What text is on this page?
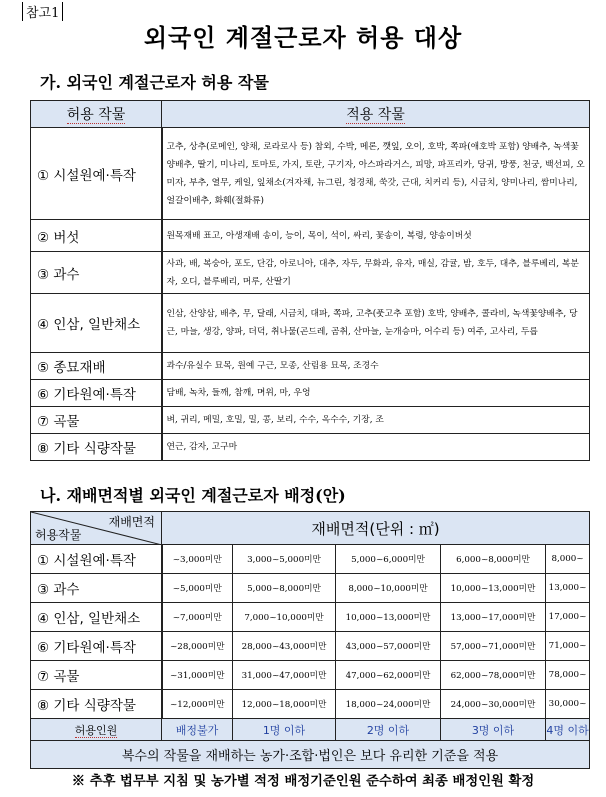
참고1
외국인 계절근로자 허용 대상
가. 외국인 계절근로자 허용 작물
허용 작물	적용 작물
① 시설원예·특작	고추, 상추(로메인, 양채, 로라로사 등) 참외, 수박, 메론, 깻잎, 오이, 호박, 쪽파(애호박 포함) 양배추, 녹색꽃양배추, 딸기, 미나리, 토마토, 가지, 토란, 구기자, 아스파라거스, 피망, 파프리카, 당귀, 방풍, 천궁, 백선피, 오미자, 부추, 열무, 케일, 잎채소(겨자채, 뉴그린, 청경채, 쑥갓, 근대, 치커리 등), 시금치, 양미나리, 쌈미나리, 얼갈이배추, 화훼(절화류)
② 버섯	원목재배 표고, 아생재배 송이, 능이, 목이, 석이, 싸리, 꽃송이, 복령, 양송이버섯
③ 과수	사과, 배, 복숭아, 포도, 단감, 아로니아, 대추, 자두, 무화과, 유자, 매실, 감귤, 밤, 호두, 대추, 블루베리, 복분자, 오디, 블루베리, 머루, 산딸기
④ 인삼, 일반채소	인삼, 산양삼, 배추, 무, 달래, 시금치, 대파, 쪽파, 고추(풋고추 포함) 호박, 양배추, 콜라비, 녹색꽃양배추, 당근, 마늘, 생강, 양파, 더덕, 취나물(곤드레, 곰취, 산마늘, 눈개승마, 어수리 등) 여주, 고사리, 두릅
⑤ 종묘재배	과수/유실수 묘목, 원예 구근, 모종, 산림용 묘목, 조경수
⑥ 기타원예·특작	담배, 녹차, 들깨, 참깨, 며위, 마, 우엉
⑦ 곡물	벼, 귀리, 메밀, 호밀, 밀, 콩, 보리, 수수, 옥수수, 기장, 조
⑧ 기타 식량작물	연근, 감자, 고구마
나. 재배면적별 외국인 계절근로자 배정(안)
재배면적
허용작물	재배면적(단위 : ㎡)				
① 시설원예·특작	~3,000미만	3,000~5,000미만	5,000~6,000미만	6,000~8,000미만	8,000~
③ 과수	~5,000미만	5,000~8,000미만	8,000~10,000미만	10,000~13,000미만	13,000~
④ 인삼, 일반채소	~7,000미만	7,000~10,000미만	10,000~13,000미만	13,000~17,000미만	17,000~
⑥ 기타원예·특작	~28,000미만	28,000~43,000미만	43,000~57,000미만	57,000~71,000미만	71,000~
⑦ 곡물	~31,000미만	31,000~47,000미만	47,000~62,000미만	62,000~78,000미만	78,000~
⑧ 기타 식량작물	~12,000미만	12,000~18,000미만	18,000~24,000미만	24,000~30,000미만	30,000~
허용인원	배정불가	1명 이하	2명 이하	3명 이하	4명 이하
복수의 작물을 재배하는 농가·조합·법인은 보다 유리한 기준을 적용					
※ 추후 법무부 지침 및 농가별 적정 배정기준인원 준수하여 최종 배정인원 확정
